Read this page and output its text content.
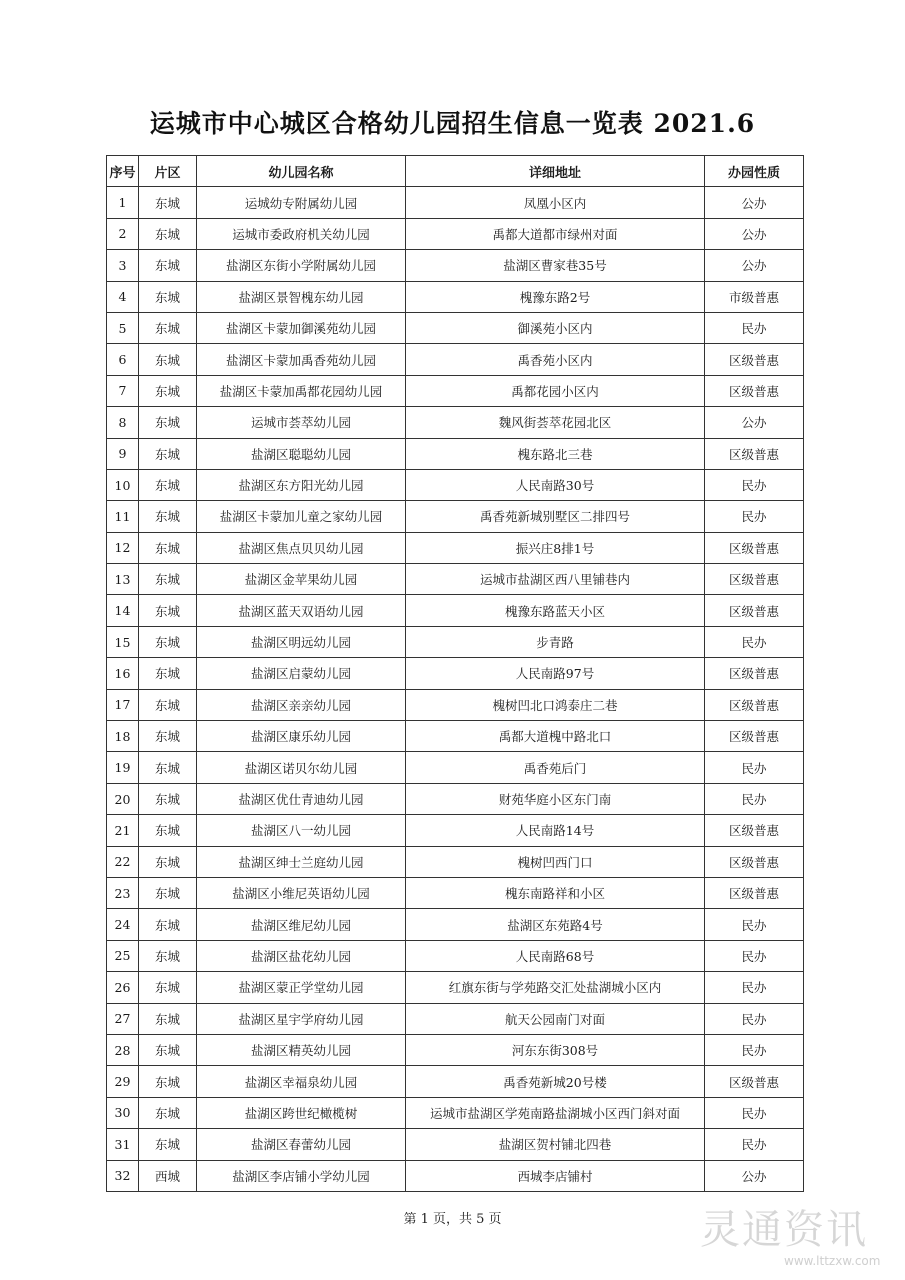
运城市中心城区合格幼儿园招生信息一览表 2021.6
序号	片区	幼儿园名称	详细地址	办园性质
1	东城	运城幼专附属幼儿园	凤凰小区内	公办
2	东城	运城市委政府机关幼儿园	禹都大道都市绿州对面	公办
3	东城	盐湖区东街小学附属幼儿园	盐湖区曹家巷35号	公办
4	东城	盐湖区景智槐东幼儿园	槐豫东路2号	市级普惠
5	东城	盐湖区卡蒙加御溪苑幼儿园	御溪苑小区内	民办
6	东城	盐湖区卡蒙加禹香苑幼儿园	禹香苑小区内	区级普惠
7	东城	盐湖区卡蒙加禹都花园幼儿园	禹都花园小区内	区级普惠
8	东城	运城市荟萃幼儿园	魏风街荟萃花园北区	公办
9	东城	盐湖区聪聪幼儿园	槐东路北三巷	区级普惠
10	东城	盐湖区东方阳光幼儿园	人民南路30号	民办
11	东城	盐湖区卡蒙加儿童之家幼儿园	禹香苑新城别墅区二排四号	民办
12	东城	盐湖区焦点贝贝幼儿园	振兴庄8排1号	区级普惠
13	东城	盐湖区金苹果幼儿园	运城市盐湖区西八里铺巷内	区级普惠
14	东城	盐湖区蓝天双语幼儿园	槐豫东路蓝天小区	区级普惠
15	东城	盐湖区明远幼儿园	步青路	民办
16	东城	盐湖区启蒙幼儿园	人民南路97号	区级普惠
17	东城	盐湖区亲亲幼儿园	槐树凹北口鸿泰庄二巷	区级普惠
18	东城	盐湖区康乐幼儿园	禹都大道槐中路北口	区级普惠
19	东城	盐湖区诺贝尔幼儿园	禹香苑后门	民办
20	东城	盐湖区优仕青迪幼儿园	财苑华庭小区东门南	民办
21	东城	盐湖区八一幼儿园	人民南路14号	区级普惠
22	东城	盐湖区绅士兰庭幼儿园	槐树凹西门口	区级普惠
23	东城	盐湖区小维尼英语幼儿园	槐东南路祥和小区	区级普惠
24	东城	盐湖区维尼幼儿园	盐湖区东苑路4号	民办
25	东城	盐湖区盐花幼儿园	人民南路68号	民办
26	东城	盐湖区蒙正学堂幼儿园	红旗东街与学苑路交汇处盐湖城小区内	民办
27	东城	盐湖区星宇学府幼儿园	航天公园南门对面	民办
28	东城	盐湖区精英幼儿园	河东东街308号	民办
29	东城	盐湖区幸福泉幼儿园	禹香苑新城20号楼	区级普惠
30	东城	盐湖区跨世纪橄榄树	运城市盐湖区学苑南路盐湖城小区西门斜对面	民办
31	东城	盐湖区春蕾幼儿园	盐湖区贺村铺北四巷	民办
32	西城	盐湖区李店铺小学幼儿园	西城李店铺村	公办
第 1 页，共 5 页	灵通资讯
www.lttzxw.com
